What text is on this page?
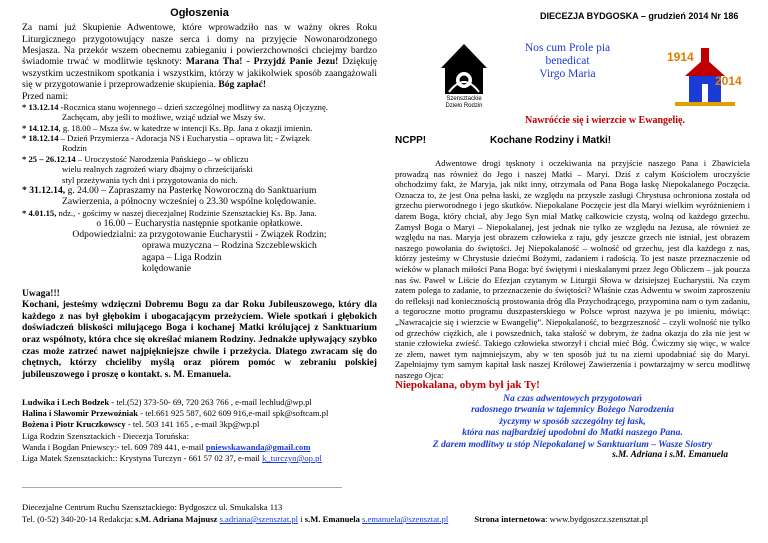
Ogłoszenia

Za nami już Skupienie Adwentowe, które wprowadziło nas w ważny okres Roku Liturgicznego przygotowujący nasze serca i domy na przyjęcie Nowonarodzonego Mesjasza. Na przekór wszem obecnemu zabieganiu i powierzchowności chciejmy bardzo świadomie trwać w modlitwie tęsknoty: Marana Tha! - Przyjdź Panie Jezu! Dziękuję wszystkim uczestnikom spotkania i wszystkim, którzy w jakikolwiek sposób zaangażowali się w przygotowanie i przeprowadzenie skupienia. Bóg zapłać!

Przed nami:

* 13.12.14 -Rocznica stanu wojennego – dzień szczególnej modlitwy za naszą Ojczyznę.

Zachęcam, aby jeśli to możliwe, wziąć udział we Mszy św.

* 14.12.14, g. 18.00 – Msza św. w katedrze w intencji Ks. Bp. Jana z okazji imienin.

* 18.12.14 – Dzień Przymierza - Adoracja NS i Eucharystia – oprawa lit; - Związek

Rodzin

* 25 – 26.12.14 – Uroczystość Narodzenia Pańskiego – w obliczu

wielu realnych zagrożeń wiary dbajmy o chrześcijański

styl przeżywania tych dni i przygotowania do nich.

* 31.12.14, g. 24.00 – Zapraszamy na Pasterkę Noworoczną do Sanktuarium

Zawierzenia, a północny wcześniej o 23.30 wspólne kolędowanie.

* 4.01.15, ndz., - gościmy w naszej diecezjalnej Rodzinie Szensztackiej Ks. Bp. Jana.

o 16.00 – Eucharystia następnie spotkanie opłatkowe.

Odpowiedzialni: za przygotowanie Eucharystii - Związek Rodzin;

oprawa muzyczna – Rodzina Szczeblewskich

agapa – Liga Rodzin

kolędowanie

Uwaga!!!

Kochani, jesteśmy wdzięczni Dobremu Bogu za dar Roku Jubileuszowego, który dla każdego z nas był głębokim i ubogacającym przeżyciem. Wiele spotkań i głębokich doświadczeń bliskości milującego Boga i kochanej Matki królującej z Sanktuarium oraz wspólnoty, która chce się określać mianem Rodziny. Jednakże upływający szybko czas może zatrzeć nawet najpiękniejsze chwile i przeżycia. Dlatego zwracam się do chętnych, którzy chcieliby myślą oraz piórem pomóc w zebraniu polskiej jubileuszowego i proszę o kontakt. s. M. Emanuela.

Ludwika i Lech Bodzek - tel.(52) 373-50- 69, 720 263 766 , e-mail lechlud@wp.pl

Halina i Sławomir Przewoźniak - tel.661 925 587, 602 609 916,e-mail spk@softcam.pl

Bożena i Piotr Kruczkowscy - tel. 503 141 165 , e-mail 3kp@wp.pl

Liga Rodzin Szensztackich - Diecezja Toruńska:

Wanda i Bogdan Pniewscy:- tel. 609 789 441, e-mail pniewskawanda@gmail.com

Liga Matek Szensztackich:: Krystyna Turczyn - 661 57 02 37, e-mail k_turczyn@op.pl

Diecezjalne Centrum Ruchu Szensztackiego: Bydgoszcz ul. Smukalska 113

Tel. (0-52) 340-20-14 Redakcja: s.M. Adriana Majnusz s.adriana@szensztat.pl i s.M. Emanuela s.emanuela@szensztat.pl	Strona internetowa: www.bydgoszcz.szensztat.pl

DIECEZJA BYDGOSKA – grudzień 2014 Nr 186
Szensztackie
Dzieło Rodzin
Nos cum Prole pia
benedicat
Virgo Maria
1914
2014
Nawróćcie się i wierzcie w Ewangelię.
NCPP!	Kochane Rodziny i Matki!
Adwentowe drogi tęsknoty i oczekiwania na przyjście naszego Pana i Zbawiciela prowadzą nas również do Jego i naszej Matki – Maryi. Dziś z całym Kościołem uroczyście obchodzimy fakt, że Maryja, jak nikt inny, otrzymała od Pana Boga łaskę Niepokalanego Poczęcia. Oznacza to, że jest Ona pełna łaski, ze względu na przyszłe zasługi Chrystusa ochroniona została od grzechu pierworodnego i jego skutków. Niepokalane Poczęcie jest dla Maryi wielkim wyróżnieniem i darem Boga, który chciał, aby Jego Syn miał Matkę całkowicie czystą, wolną od każdego grzechu. Zamysł Boga o Maryi – Niepokalanej, jest jednak nie tylko ze względu na Jezusa, ale również ze względu na nas. Maryja jest obrazem człowieka z raju, gdy jeszcze grzech nie istniał, jest obrazem naszego powołania do świętości. Jej Niepokalaność – wolność od grzechu, jest dla każdego z nas, którzy jesteśmy w Chrystusie dziećmi Bożymi, zadaniem i radością. To jest nasze przeznaczenie od wieków w planach miłości Pana Boga: być świętymi i nieskalanymi przez Jego Obliczem – jak poucza nas św. Paweł w Liście do Efezjan czytanym w Liturgii Słowa w dzisiejszej Eucharystii. Na czym zatem polega to zadanie, to przeznaczenie do świętości? Właśnie czas Adwentu w swoim zaproszeniu do refleksji nad koniecznością prostowania dróg dla Przychodzącego, przypomina nam o tym zadaniu, a tegoroczne motto programu duszpasterskiego w Polsce wprost nazywa je po imieniu, mówiąc: „Nawracajcie się i wierzcie w Ewangelię”. Niepokalaność, to bezgrzeszność – czyli wolność nie tylko od grzechów ciężkich, ale i powszednich, taka stałość w dobrym, że żadna okazja do zła nie jest w stanie człowieka zwieść. Takiego człowieka stworzył i chciał mieć Bóg. Ćwiczmy się więc, w walce ze złem, nawet tym najmniejszym, aby w ten sposób już tu na ziemi upodabniać się do Maryi. Zapełniajmy tym samym kapitał łask naszej Królowej Zawierzenia i powtarzajmy w sercu modlitwę naszego Ojca:
Niepokalana, obym był jak Ty!
Na czas adwentowych przygotowań
radosnego trwania w tajemnicy Bożego Narodzenia
życzymy w sposób szczególny tej łask,
która nas najbardziej upodobni do Matki naszego Pana.
Z darem modlitwy u stóp Niepokalanej w Sanktuarium – Wasze Siostry
s.M. Adriana i s.M. Emanuela
